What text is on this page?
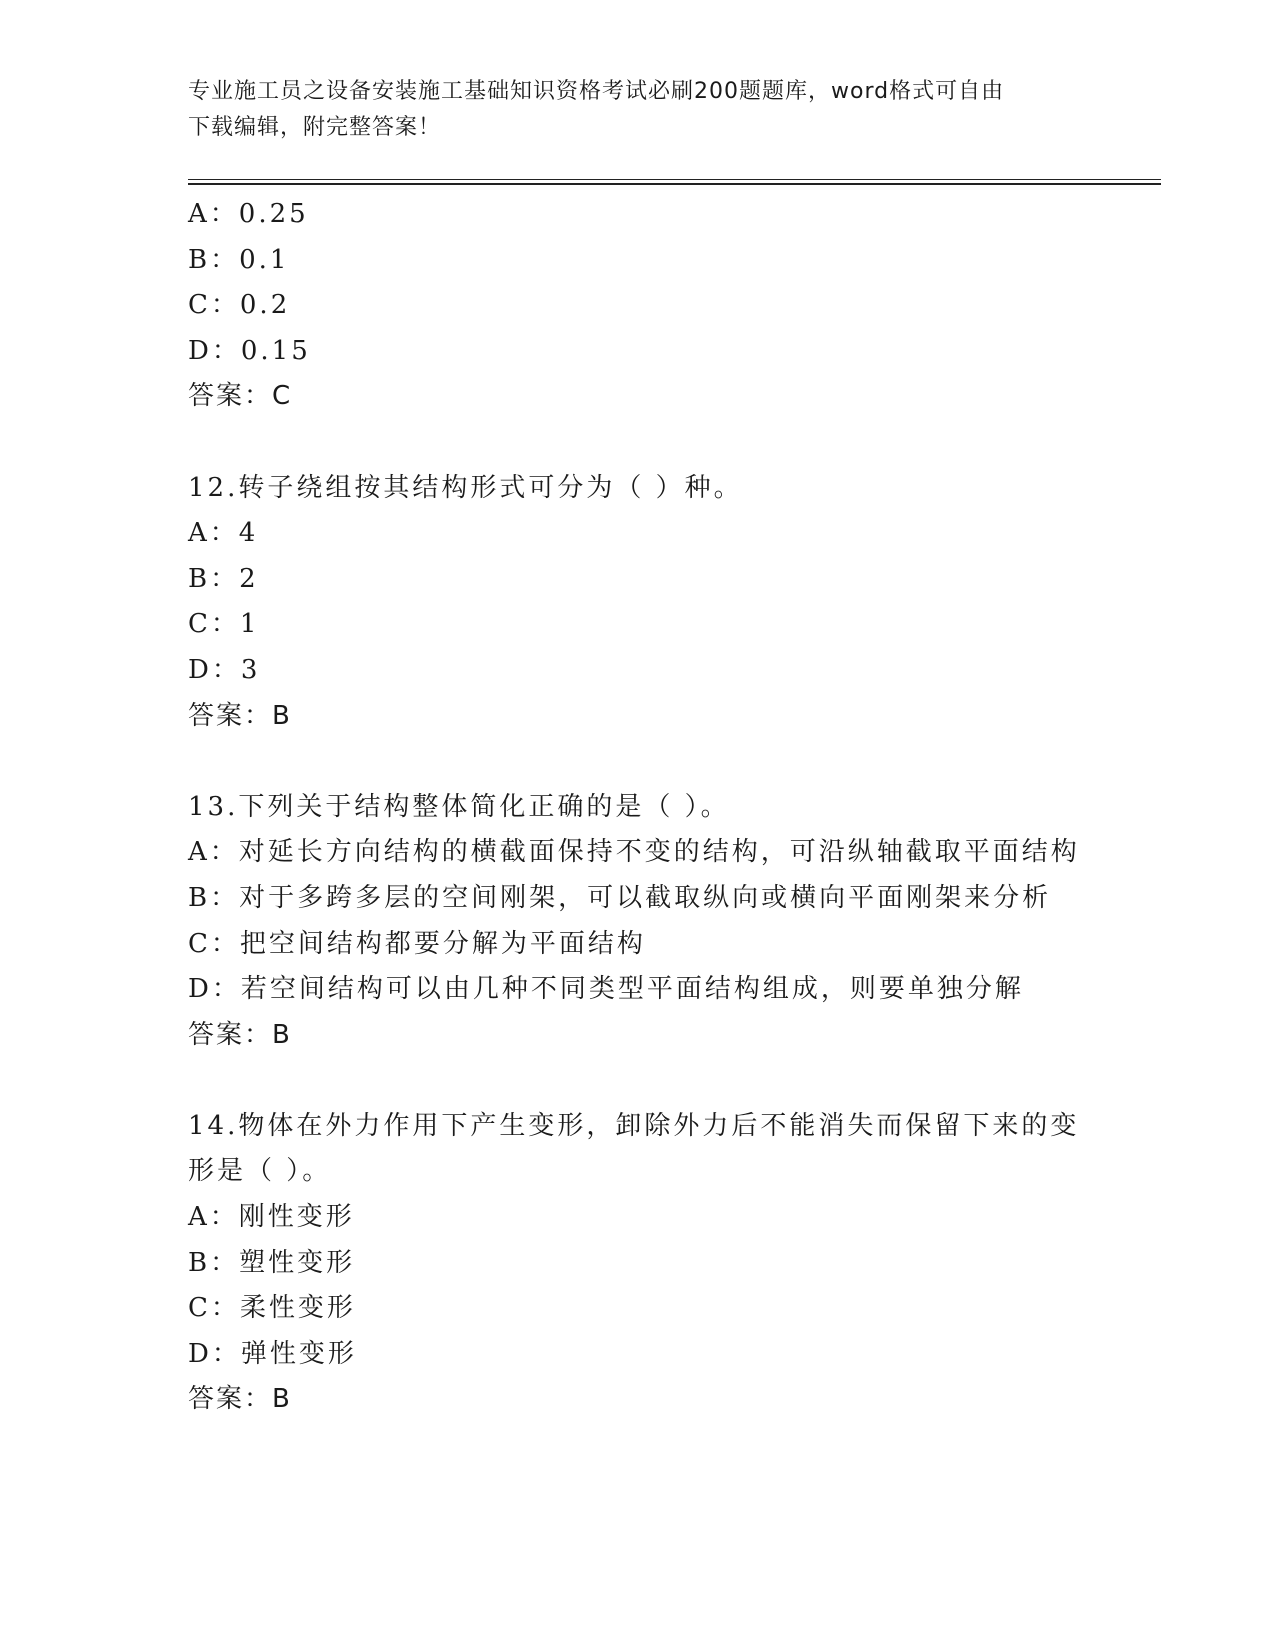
专业施工员之设备安装施工基础知识资格考试必刷200题题库，word格式可自由
下载编辑，附完整答案！
A：0.25
B：0.1
C：0.2
D：0.15
答案：C
12.转子绕组按其结构形式可分为（ ）种。
A：4
B：2
C：1
D：3
答案：B
13.下列关于结构整体简化正确的是（ ）。
A：对延长方向结构的横截面保持不变的结构，可沿纵轴截取平面结构
B：对于多跨多层的空间刚架，可以截取纵向或横向平面刚架来分析
C：把空间结构都要分解为平面结构
D：若空间结构可以由几种不同类型平面结构组成，则要单独分解
答案：B
14.物体在外力作用下产生变形，卸除外力后不能消失而保留下来的变
形是（ ）。
A：刚性变形
B：塑性变形
C：柔性变形
D：弹性变形
答案：B
